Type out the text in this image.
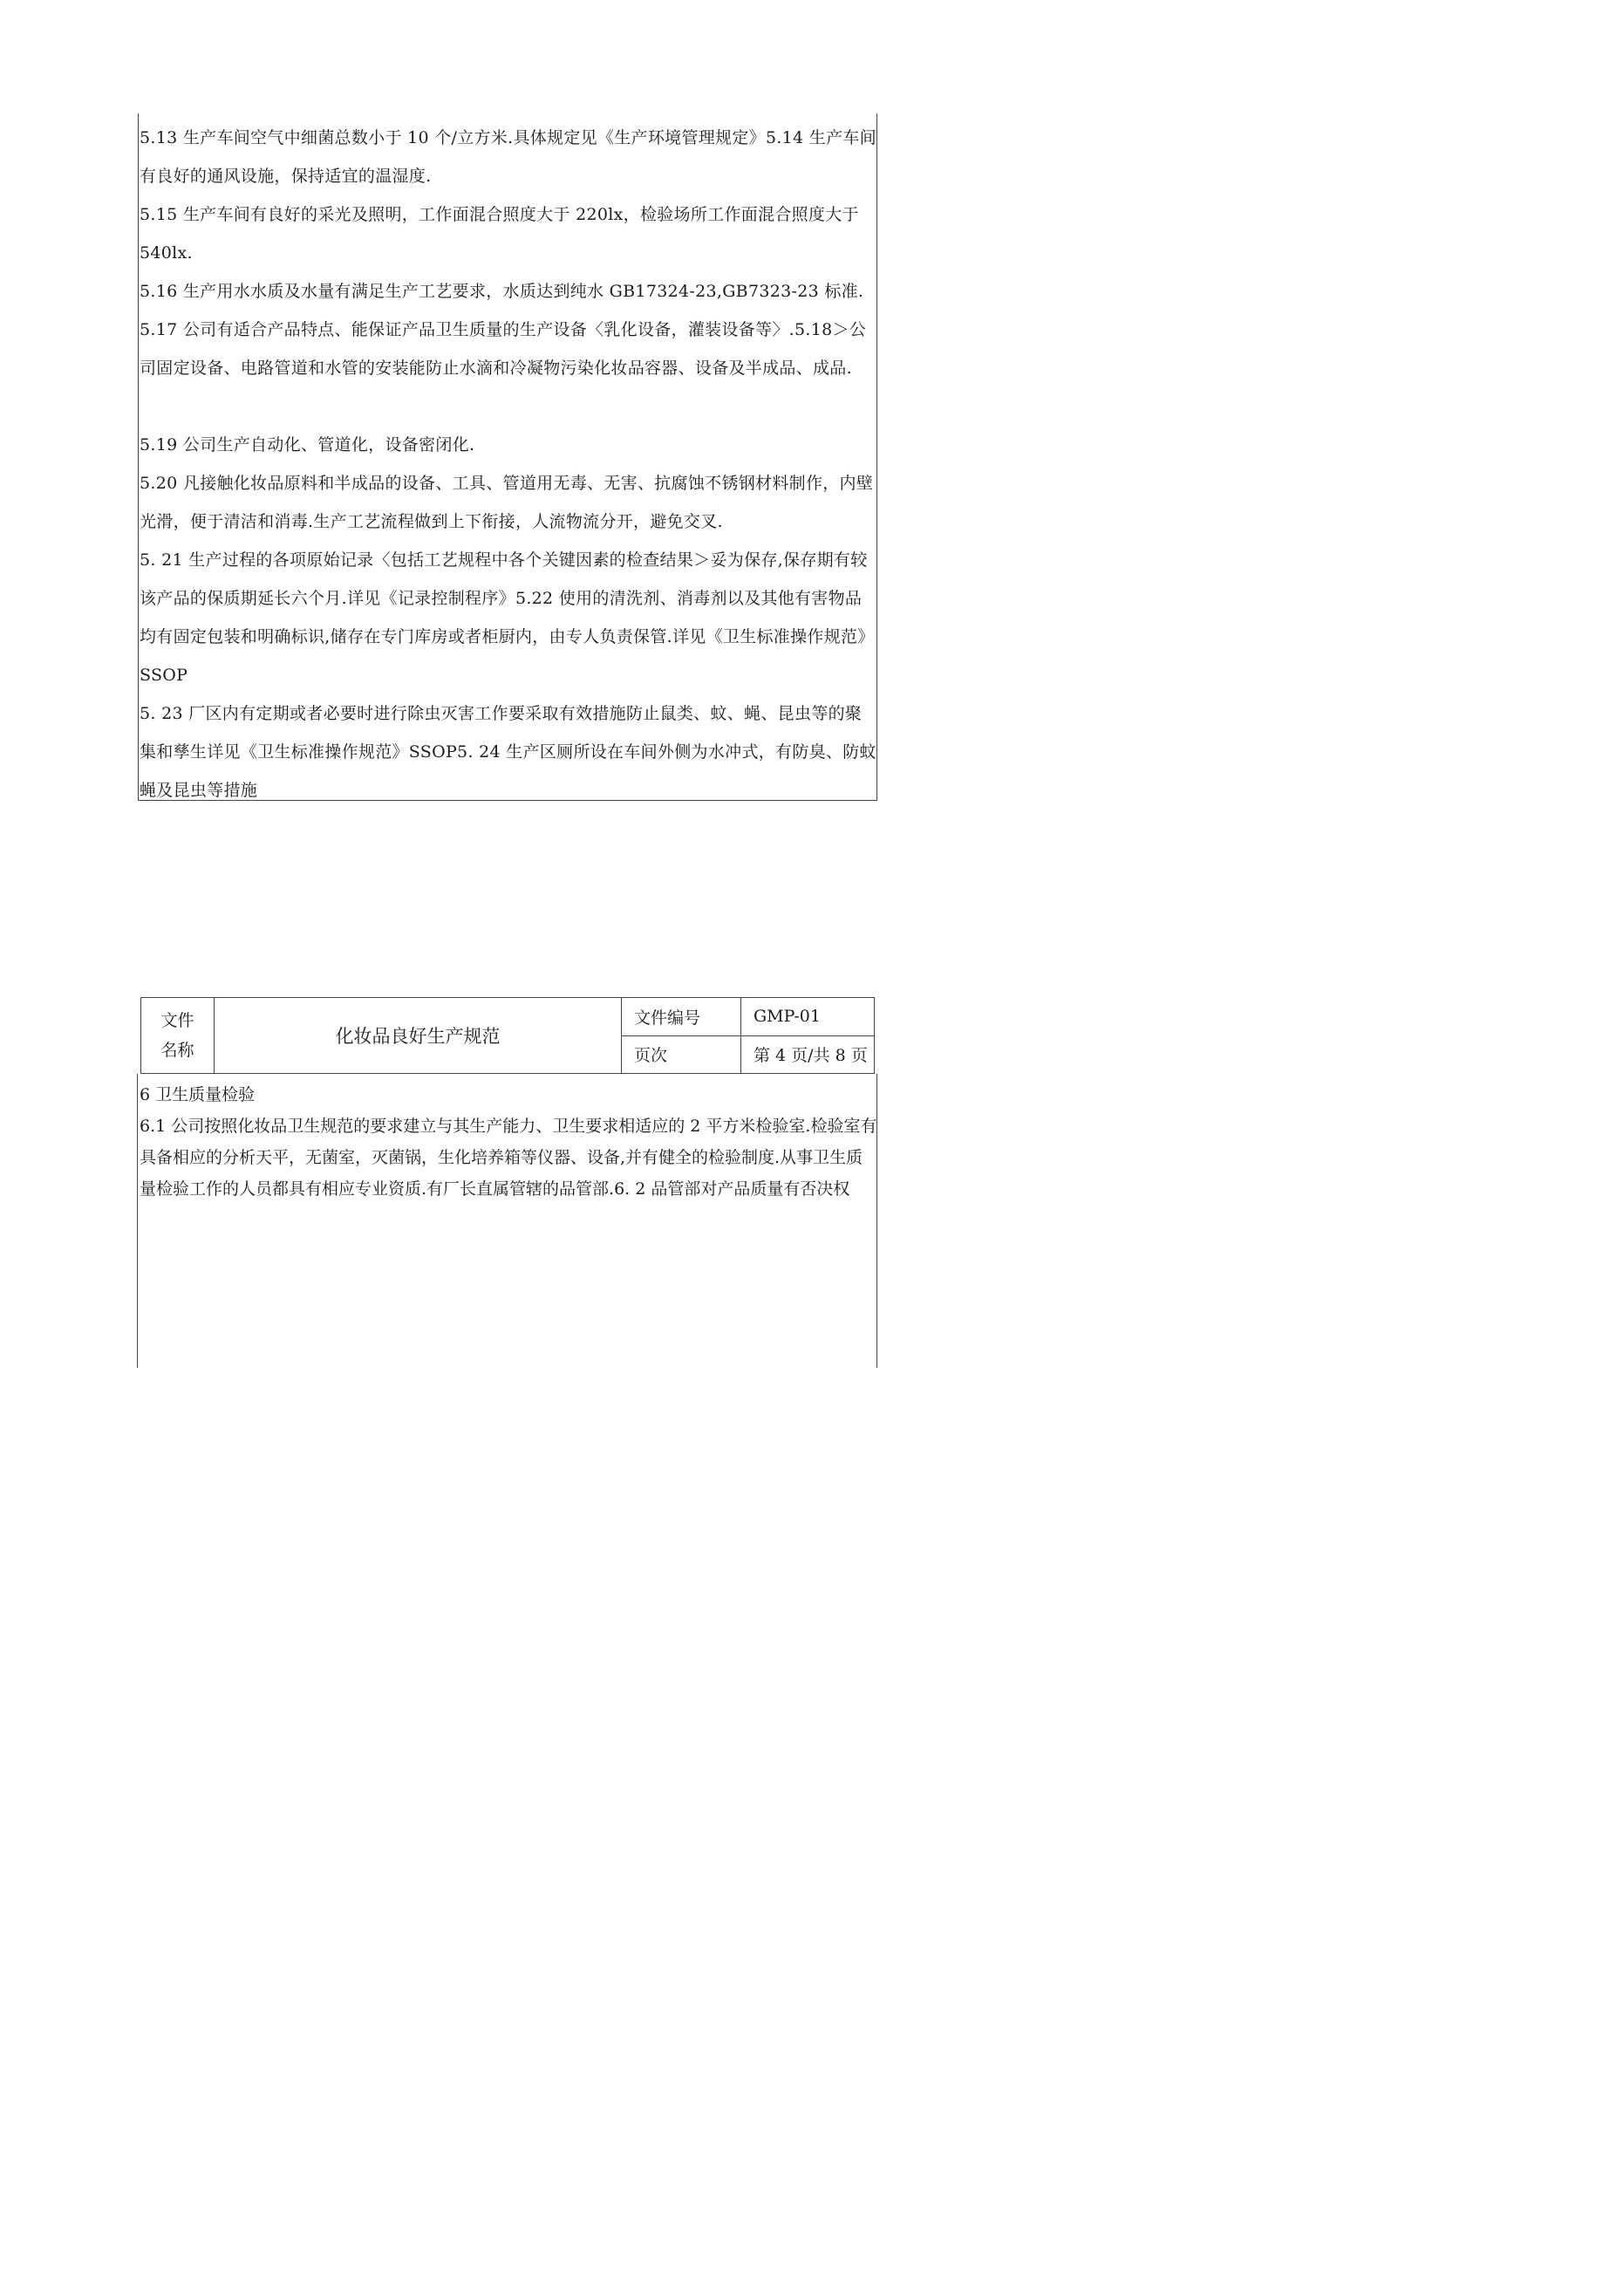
5.13 生产车间空气中细菌总数小于 10 个/立方米.具体规定见《生产环境管理规定》5.14 生产车间有良好的通风设施，保持适宜的温湿度.
5.15 生产车间有良好的采光及照明，工作面混合照度大于 220lx，检验场所工作面混合照度大于540lx.
5.16 生产用水水质及水量有满足生产工艺要求，水质达到纯水 GB17324-23,GB7323-23 标准.
5.17 公司有适合产品特点、能保证产品卫生质量的生产设备〈乳化设备，灌装设备等〉.5.18＞公司固定设备、电路管道和水管的安装能防止水滴和冷凝物污染化妆品容器、设备及半成品、成品.
5.19 公司生产自动化、管道化，设备密闭化.
5.20 凡接触化妆品原料和半成品的设备、工具、管道用无毒、无害、抗腐蚀不锈钢材料制作，内壁光滑，便于清洁和消毒.生产工艺流程做到上下衔接，人流物流分开，避免交叉.
5. 21 生产过程的各项原始记录〈包括工艺规程中各个关键因素的检查结果＞妥为保存,保存期有较该产品的保质期延长六个月.详见《记录控制程序》5.22 使用的清洗剂、消毒剂以及其他有害物品均有固定包装和明确标识,储存在专门库房或者柜厨内，由专人负责保管.详见《卫生标准操作规范》SSOP
5. 23 厂区内有定期或者必要时进行除虫灭害工作要采取有效措施防止鼠类、蚊、蝇、昆虫等的聚集和孳生详见《卫生标准操作规范》SSOP5. 24 生产区厕所设在车间外侧为水冲式，有防臭、防蚊蝇及昆虫等措施
文件
名称	化妆品良好生产规范	文件编号	GMP-01
		页次	第 4 页/共 8 页
6 卫生质量检验
6.1 公司按照化妆品卫生规范的要求建立与其生产能力、卫生要求相适应的 2 平方米检验室.检验室有具备相应的分析天平，无菌室，灭菌锅，生化培养箱等仪器、设备,并有健全的检验制度.从事卫生质量检验工作的人员都具有相应专业资质.有厂长直属管辖的品管部.6. 2 品管部对产品质量有否决权
